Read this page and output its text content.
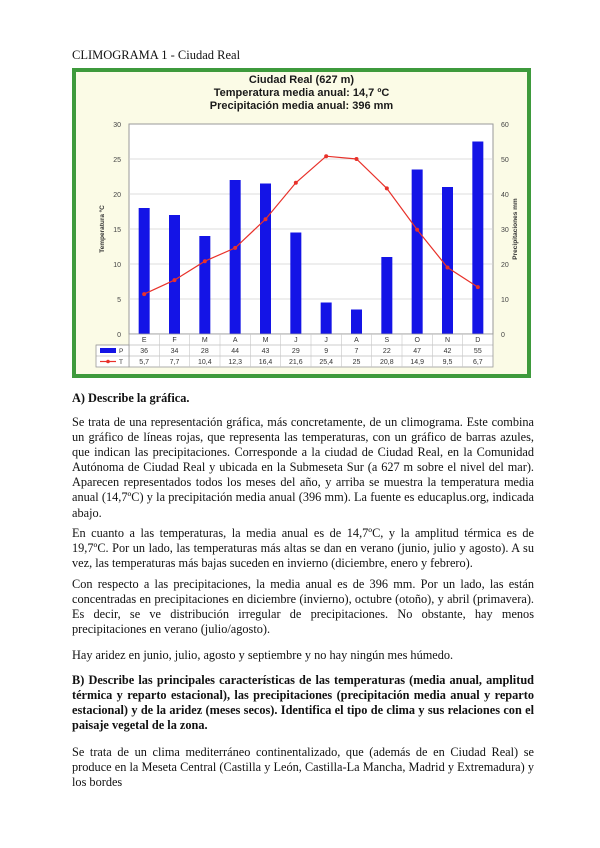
CLIMOGRAMA 1 - Ciudad Real
Ciudad Real (627 m)
Temperatura media anual: 14,7 ºC
Precipitación media anual: 396 mm
0
5
10
15
20
25
30
0
10
20
30
40
50
60
Temperatura ºC	Precipitaciones mm
E
36
5,7
F
34
7,7
M
28
10,4
A
44
12,3
M
43
16,4
J
29
21,6
J
9
25,4
A
7
25
S
22
20,8
O
47
14,9
N
42
9,5
D
55
6,7
P
T
A) Describe la gráfica.

Se trata de una representación gráfica, más concretamente, de un climograma. Este combina un gráfico de líneas rojas, que representa las temperaturas, con un gráfico de barras azules, que indican las precipitaciones. Corresponde a la ciudad de Ciudad Real, en la Comunidad Autónoma de Ciudad Real y ubicada en la Submeseta Sur (a 627 m sobre el nivel del mar). Aparecen representados todos los meses del año, y arriba se muestra la temperatura media anual (14,7ºC) y la precipitación media anual (396 mm). La fuente es educaplus.org, indicada abajo.

En cuanto a las temperaturas, la media anual es de 14,7ºC, y la amplitud térmica es de 19,7ºC. Por un lado, las temperaturas más altas se dan en verano (junio, julio y agosto). A su vez, las temperaturas más bajas suceden en invierno (diciembre, enero y febrero).

Con respecto a las precipitaciones, la media anual es de 396 mm. Por un lado, las están concentradas en precipitaciones en diciembre (invierno), octubre (otoño), y abril (primavera). Es decir, se ve distribución irregular de precipitaciones. No obstante, hay menos precipitaciones en verano (julio/agosto).

Hay aridez en junio, julio, agosto y septiembre y no hay ningún mes húmedo.

B) Describe las principales características de las temperaturas (media anual, amplitud térmica y reparto estacional), las precipitaciones (precipitación media anual y reparto estacional) y de la aridez (meses secos). Identifica el tipo de clima y sus relaciones con el paisaje vegetal de la zona.

Se trata de un clima mediterráneo continentalizado, que (además de en Ciudad Real) se produce en la Meseta Central (Castilla y León, Castilla-La Mancha, Madrid y Extremadura) y los bordes
